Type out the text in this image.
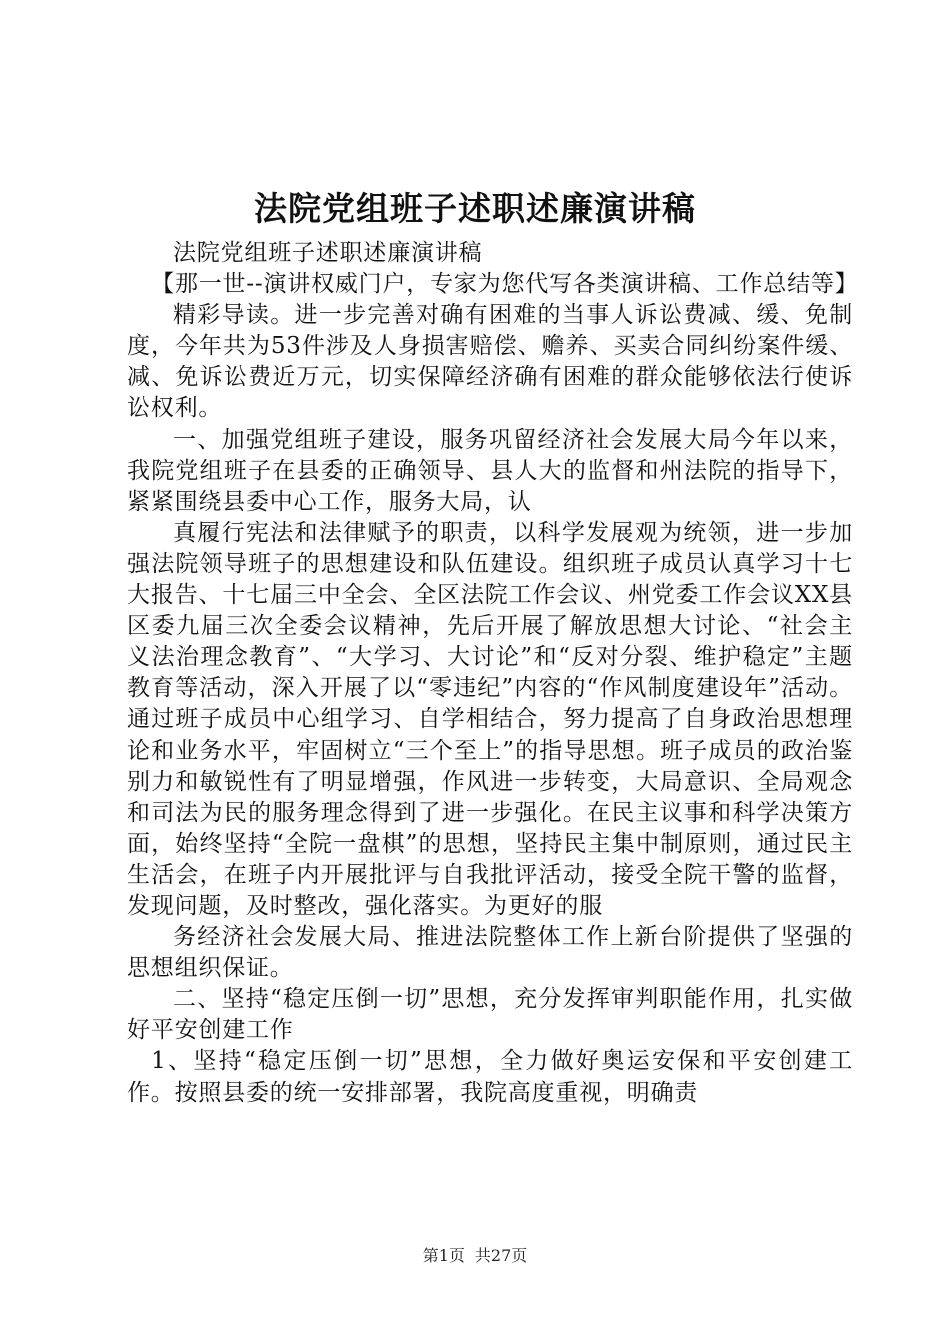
法院党组班子述职述廉演讲稿

法院党组班子述职述廉演讲稿

【那一世--演讲权威门户，专家为您代写各类演讲稿、工作总结等】

精彩导读。进一步完善对确有困难的当事人诉讼费减、缓、免制度，今年共为53件涉及人身损害赔偿、赡养、买卖合同纠纷案件缓、减、免诉讼费近万元，切实保障经济确有困难的群众能够依法行使诉讼权利。

一、加强党组班子建设，服务巩留经济社会发展大局今年以来，我院党组班子在县委的正确领导、县人大的监督和州法院的指导下，紧紧围绕县委中心工作，服务大局，认

真履行宪法和法律赋予的职责，以科学发展观为统领，进一步加强法院领导班子的思想建设和队伍建设。组织班子成员认真学习十七大报告、十七届三中全会、全区法院工作会议、州党委工作会议XX县区委九届三次全委会议精神，先后开展了解放思想大讨论、“社会主义法治理念教育”、“大学习、大讨论”和“反对分裂、维护稳定”主题教育等活动，深入开展了以“零违纪”内容的“作风制度建设年”活动。通过班子成员中心组学习、自学相结合，努力提高了自身政治思想理论和业务水平，牢固树立“三个至上”的指导思想。班子成员的政治鉴别力和敏锐性有了明显增强，作风进一步转变，大局意识、全局观念和司法为民的服务理念得到了进一步强化。在民主议事和科学决策方面，始终坚持“全院一盘棋”的思想，坚持民主集中制原则，通过民主生活会，在班子内开展批评与自我批评活动，接受全院干警的监督，发现问题，及时整改，强化落实。为更好的服

务经济社会发展大局、推进法院整体工作上新台阶提供了坚强的思想组织保证。

二、坚持“稳定压倒一切”思想，充分发挥审判职能作用，扎实做好平安创建工作

1、坚持“稳定压倒一切”思想，全力做好奥运安保和平安创建工作。按照县委的统一安排部署，我院高度重视，明确责

第1页 共27页
